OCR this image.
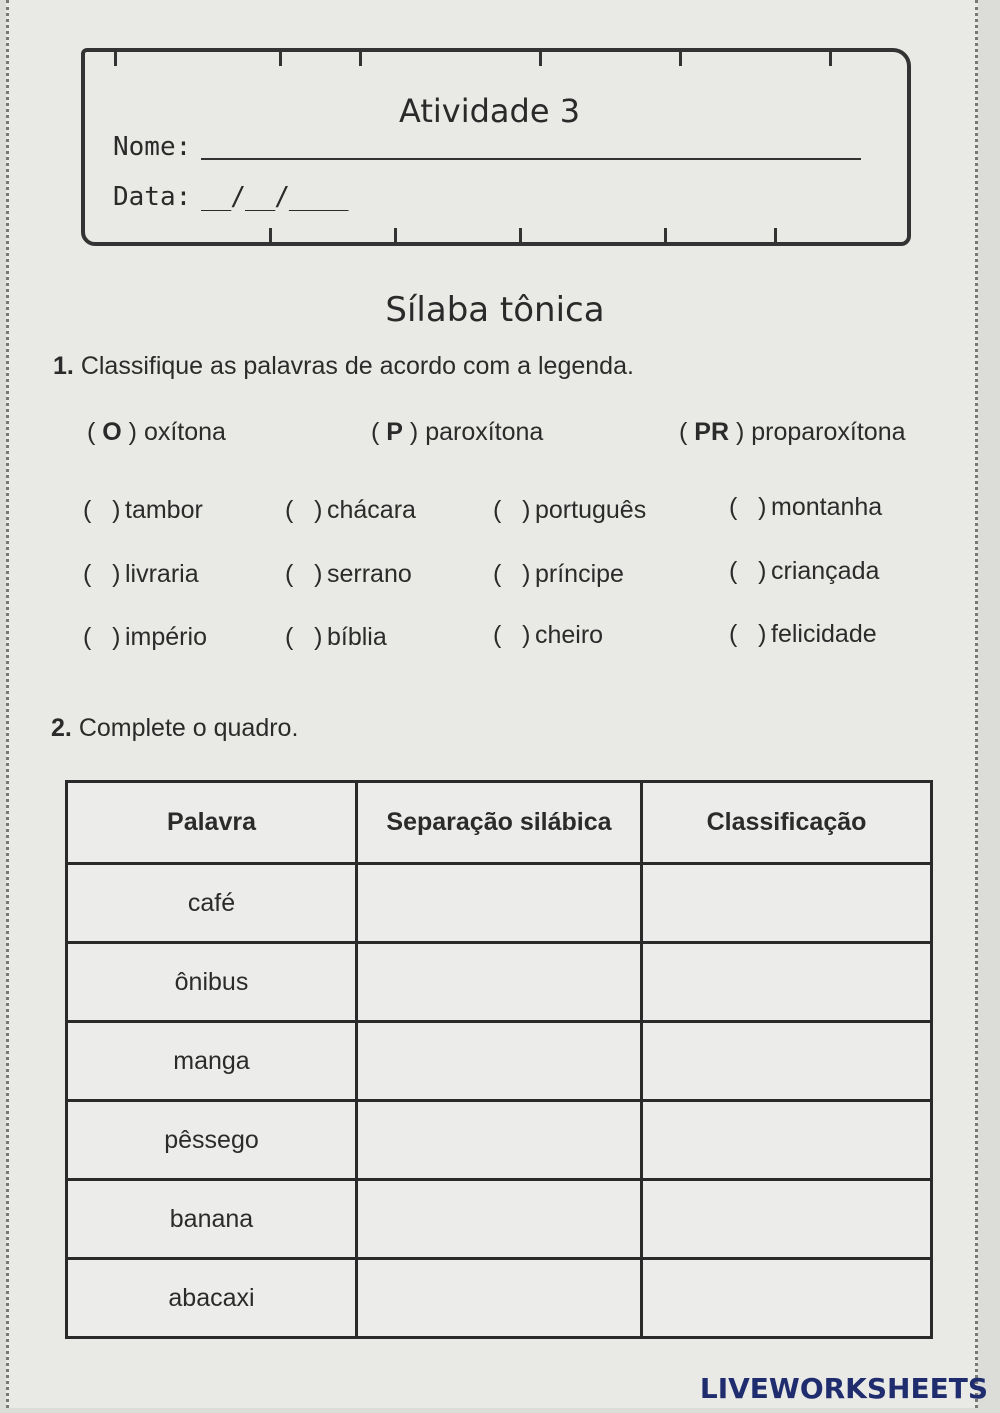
Atividade 3
Nome:
Data: __/__/____
Sílaba tônica
1. Classifique as palavras de acordo com a legenda.
( O ) oxítona	( P ) paroxítona	( PR ) proparoxítona
(   ) tambor	(   ) chácara	(   ) português	(   ) montanha
(   ) livraria	(   ) serrano	(   ) príncipe	(   ) criançada
(   ) império	(   ) bíblia	(   ) cheiro	(   ) felicidade
2. Complete o quadro.
Palavra	Separação silábica	Classificação
café		
ônibus		
manga		
pêssego		
banana		
abacaxi		
LIVEWORKSHEETS
